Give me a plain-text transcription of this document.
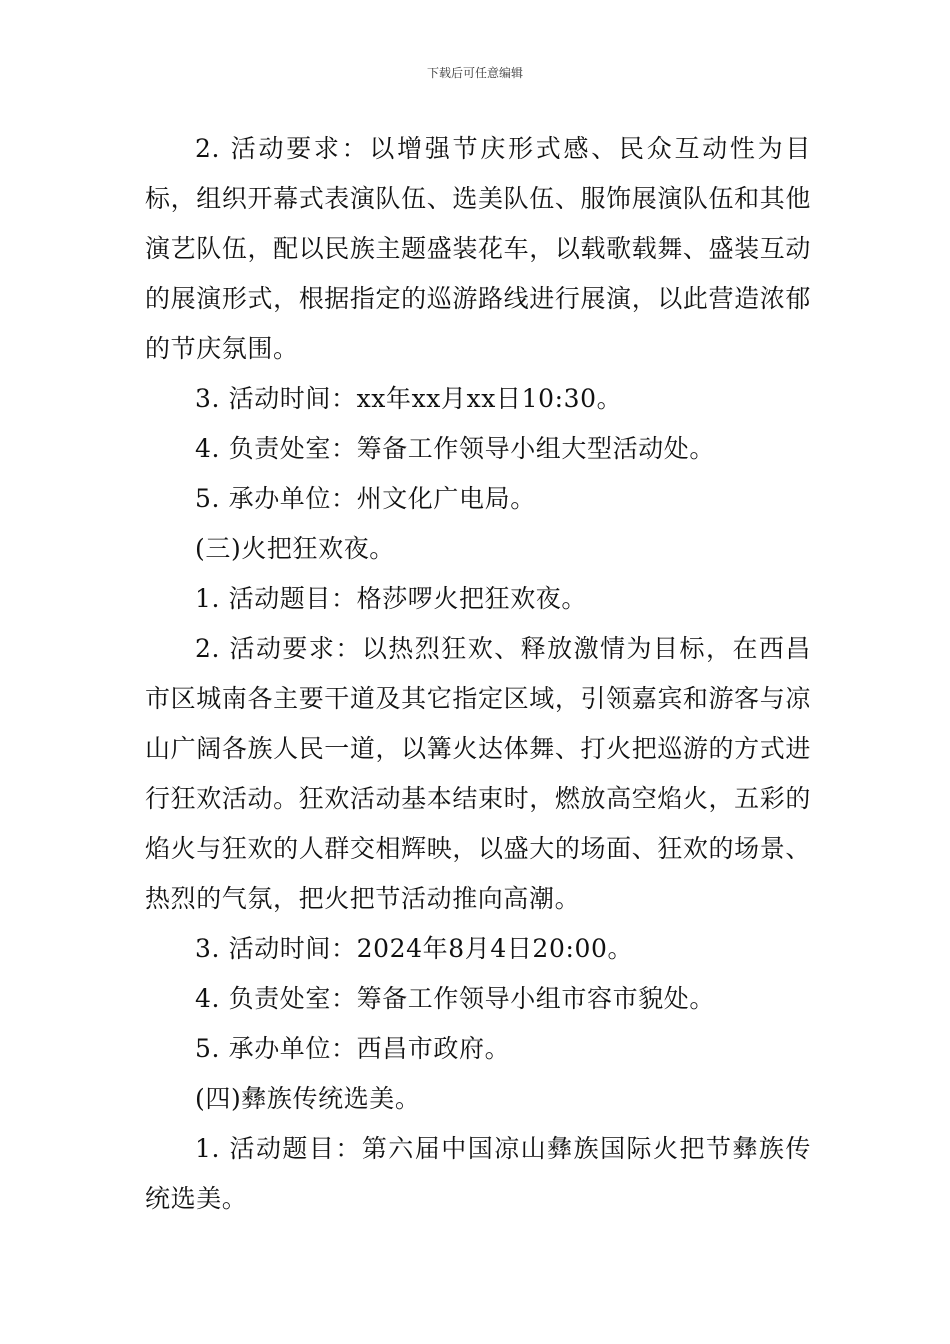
下载后可任意编辑

2. 活动要求：以增强节庆形式感、民众互动性为目标，组织开幕式表演队伍、选美队伍、服饰展演队伍和其他演艺队伍，配以民族主题盛装花车，以载歌载舞、盛装互动的展演形式，根据指定的巡游路线进行展演，以此营造浓郁的节庆氛围。

3. 活动时间：xx年xx月xx日10:30。

4. 负责处室：筹备工作领导小组大型活动处。

5. 承办单位：州文化广电局。

(三)火把狂欢夜。

1. 活动题目：格莎啰火把狂欢夜。

2. 活动要求：以热烈狂欢、释放激情为目标，在西昌市区城南各主要干道及其它指定区域，引领嘉宾和游客与凉山广阔各族人民一道，以篝火达体舞、打火把巡游的方式进行狂欢活动。狂欢活动基本结束时，燃放高空焰火，五彩的焰火与狂欢的人群交相辉映，以盛大的场面、狂欢的场景、热烈的气氛，把火把节活动推向高潮。

3. 活动时间：2024年8月4日20:00。

4. 负责处室：筹备工作领导小组市容市貌处。

5. 承办单位：西昌市政府。

(四)彝族传统选美。

1. 活动题目：第六届中国凉山彝族国际火把节彝族传统选美。
